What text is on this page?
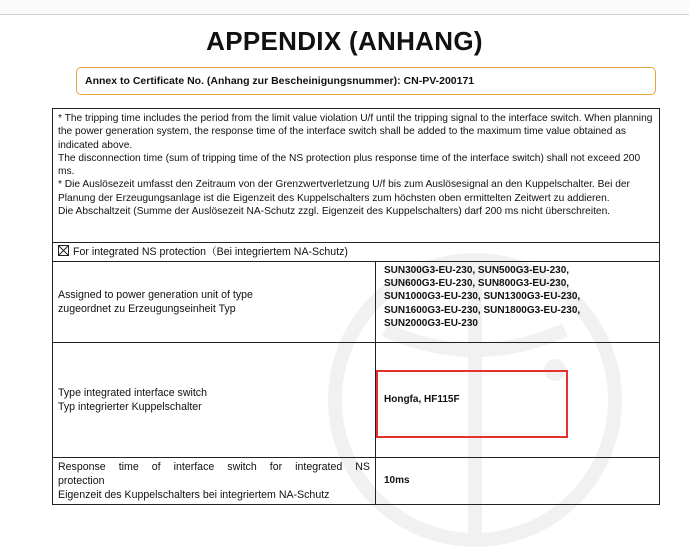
APPENDIX (ANHANG)
Annex to Certificate No. (Anhang zur Bescheinigungsnummer): CN-PV-200171

* The tripping time includes the period from the limit value violation U/f until the tripping signal to the interface switch. When planning the power generation system, the response time of the interface switch shall be added to the maximum time value obtained as indicated above.

The disconnection time (sum of tripping time of the NS protection plus response time of the interface switch) shall not exceed 200 ms.

* Die Auslösezeit umfasst den Zeitraum von der Grenzwertverletzung U/f bis zum Auslösesignal an den Kuppelschalter. Bei der Planung der Erzeugungsanlage ist die Eigenzeit des Kuppelschalters zum höchsten oben ermittelten Zeitwert zu addieren.

Die Abschaltzeit (Summe der Auslösezeit NA-Schutz zzgl. Eigenzeit des Kuppelschalters) darf 200 ms nicht überschreiten.

For integrated NS protection（Bei integriertem NA-Schutz)
Assigned to power generation unit of type
zugeordnet zu Erzeugungseinheit Typ
SUN300G3-EU-230, SUN500G3-EU-230,
SUN600G3-EU-230, SUN800G3-EU-230,
SUN1000G3-EU-230, SUN1300G3-EU-230,
SUN1600G3-EU-230, SUN1800G3-EU-230,
SUN2000G3-EU-230
Type integrated interface switch
Typ integrierter Kuppelschalter
Hongfa, HF115F
Response time of interface switch for integrated NS
protection
Eigenzeit des Kuppelschalters bei integriertem NA-Schutz
10ms
